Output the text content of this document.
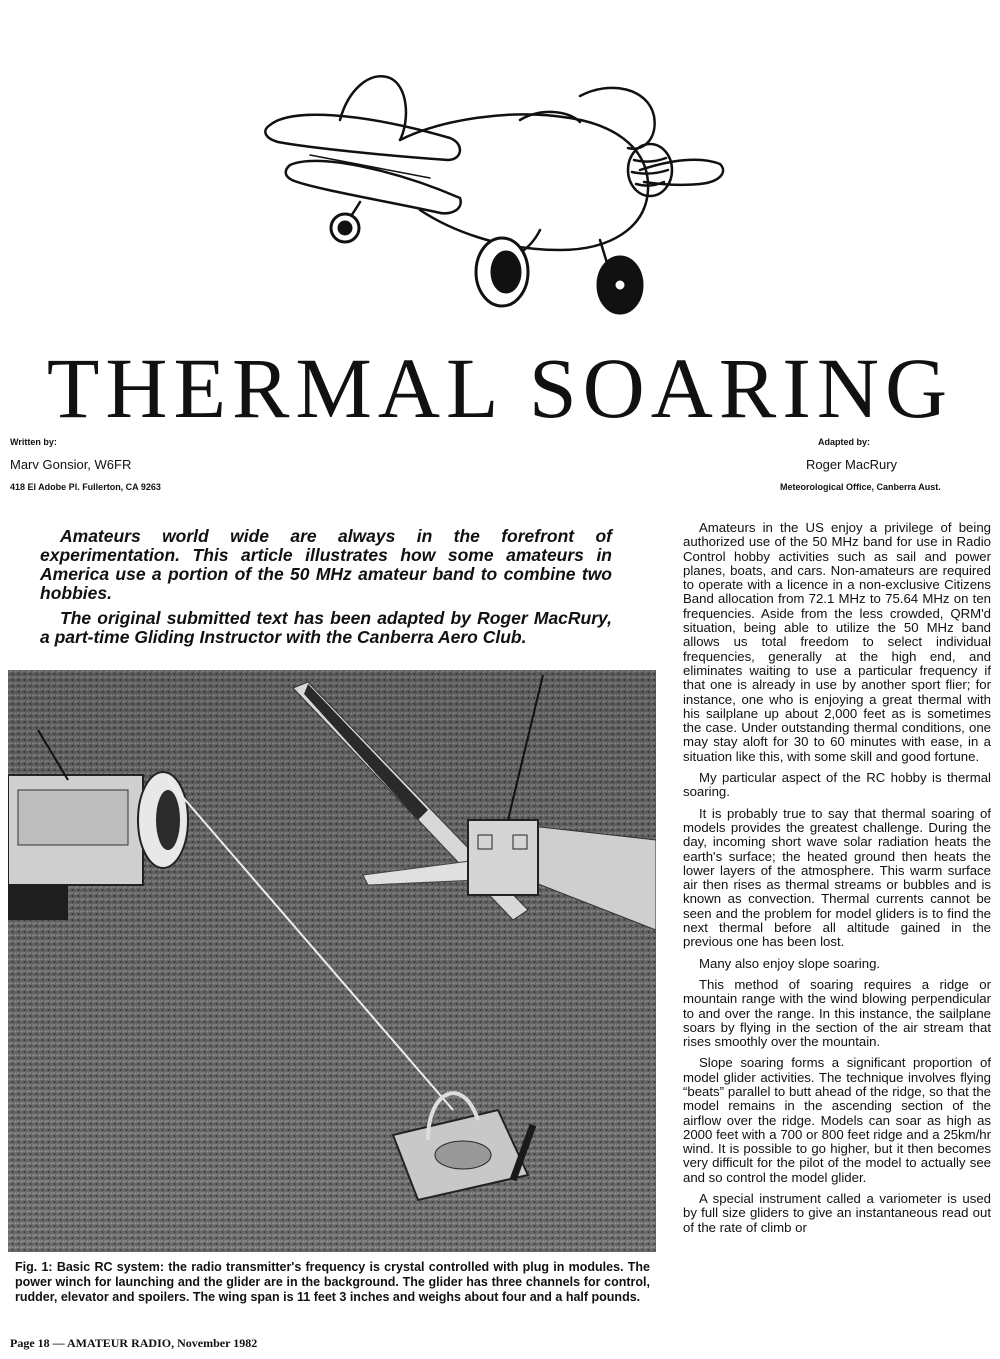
THERMAL SOARING
Written by:
Marv Gonsior, W6FR
418 El Adobe Pl. Fullerton, CA 9263
Adapted by:
Roger MacRury
Meteorological Office, Canberra Aust.

Amateurs world wide are always in the forefront of experimentation. This article illustrates how some amateurs in America use a portion of the 50 MHz amateur band to combine two hobbies.

The original submitted text has been adapted by Roger MacRury, a part-time Gliding Instructor with the Canberra Aero Club.

Fig. 1: Basic RC system: the radio transmitter's frequency is crystal controlled with plug in modules. The power winch for launching and the glider are in the background. The glider has three channels for control, rudder, elevator and spoilers. The wing span is 11 feet 3 inches and weighs about four and a half pounds.

Amateurs in the US enjoy a privilege of being authorized use of the 50 MHz band for use in Radio Control hobby activities such as sail and power planes, boats, and cars. Non-amateurs are required to operate with a licence in a non-exclusive Citizens Band allocation from 72.1 MHz to 75.64 MHz on ten frequencies. Aside from the less crowded, QRM'd situation, being able to utilize the 50 MHz band allows us total freedom to select individual frequencies, generally at the high end, and eliminates waiting to use a particular frequency if that one is already in use by another sport flier; for instance, one who is enjoying a great thermal with his sailplane up about 2,000 feet as is sometimes the case. Under outstanding thermal conditions, one may stay aloft for 30 to 60 minutes with ease, in a situation like this, with some skill and good fortune.

My particular aspect of the RC hobby is thermal soaring.

It is probably true to say that thermal soaring of models provides the greatest challenge. During the day, incoming short wave solar radiation heats the earth's surface; the heated ground then heats the lower layers of the atmosphere. This warm surface air then rises as thermal streams or bubbles and is known as convection. Thermal currents cannot be seen and the problem for model gliders is to find the next thermal before all altitude gained in the previous one has been lost.

Many also enjoy slope soaring.

This method of soaring requires a ridge or mountain range with the wind blowing perpendicular to and over the range. In this instance, the sailplane soars by flying in the section of the air stream that rises smoothly over the mountain.

Slope soaring forms a significant proportion of model glider activities. The technique involves flying “beats” parallel to butt ahead of the ridge, so that the model remains in the ascending section of the airflow over the ridge. Models can soar as high as 2000 feet with a 700 or 800 feet ridge and a 25km/hr wind. It is possible to go higher, but it then becomes very difficult for the pilot of the model to actually see and so control the model glider.

A special instrument called a variometer is used by full size gliders to give an instantaneous read out of the rate of climb or

Page 18 — AMATEUR RADIO, November 1982
